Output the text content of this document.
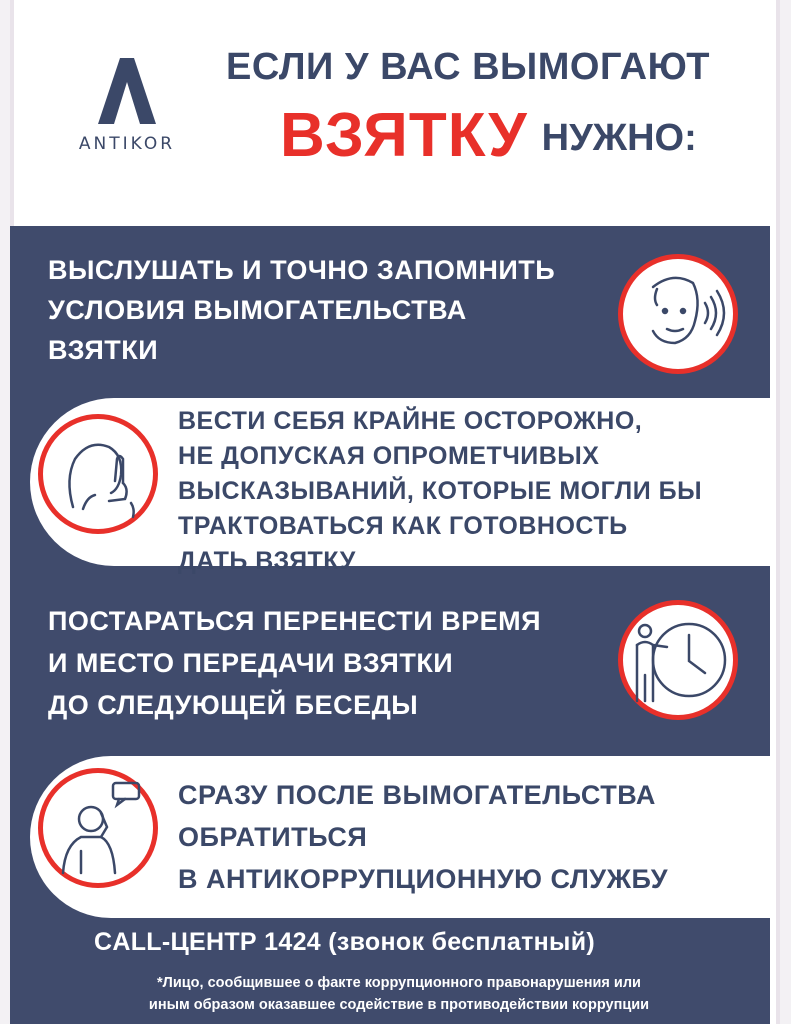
ANTIKOR
ЕСЛИ У ВАС ВЫМОГАЮТ
ВЗЯТКУ НУЖНО:
ВЫСЛУШАТЬ И ТОЧНО ЗАПОМНИТЬ
УСЛОВИЯ ВЫМОГАТЕЛЬСТВА
ВЗЯТКИ
ВЕСТИ СЕБЯ КРАЙНЕ ОСТОРОЖНО,
НЕ ДОПУСКАЯ ОПРОМЕТЧИВЫХ
ВЫСКАЗЫВАНИЙ, КОТОРЫЕ МОГЛИ БЫ
ТРАКТОВАТЬСЯ КАК ГОТОВНОСТЬ
ДАТЬ ВЗЯТКУ
ПОСТАРАТЬСЯ ПЕРЕНЕСТИ ВРЕМЯ
И МЕСТО ПЕРЕДАЧИ ВЗЯТКИ
ДО СЛЕДУЮЩЕЙ БЕСЕДЫ
СРАЗУ ПОСЛЕ ВЫМОГАТЕЛЬСТВА
ОБРАТИТЬСЯ
В АНТИКОРРУПЦИОННУЮ СЛУЖБУ
CALL-ЦЕНТР 1424 (звонок бесплатный)
*Лицо, сообщившее о факте коррупционного правонарушения или
иным образом оказавшее содействие в противодействии коррупции
